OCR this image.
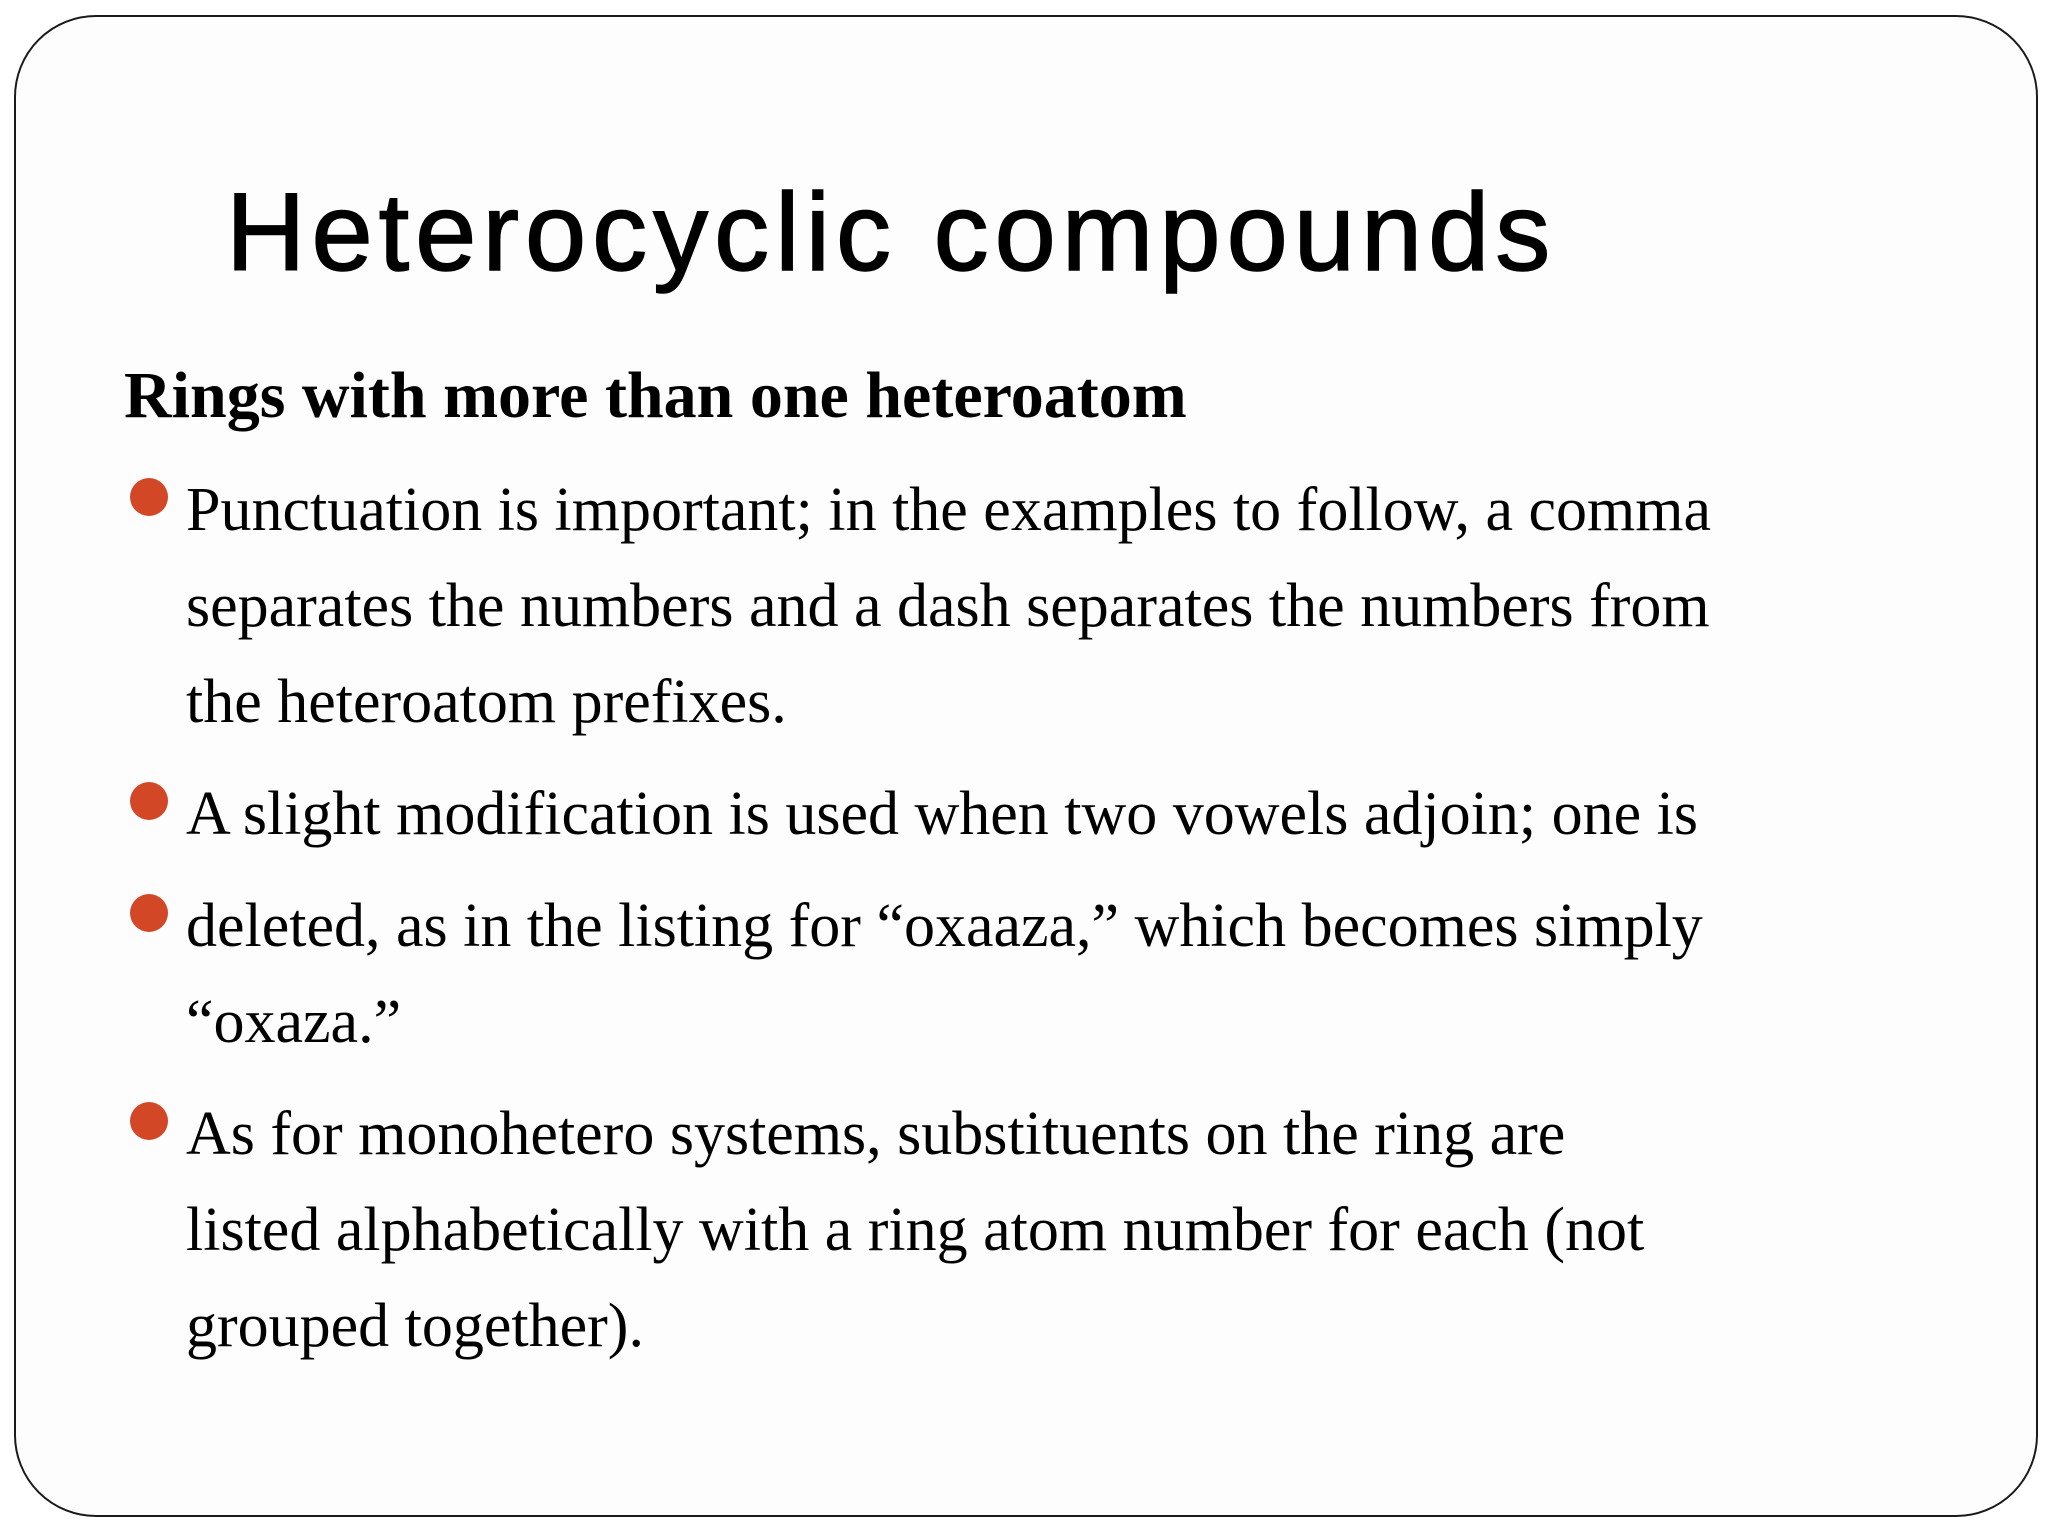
Heterocyclic compounds
Rings with more than one heteroatom
Punctuation is important; in the examples to follow, a comma
separates the numbers and a dash separates the numbers from
the heteroatom prefixes.
A slight modification is used when two vowels adjoin; one is
deleted, as in the listing for “oxaaza,” which becomes simply
“oxaza.”
As for monohetero systems, substituents on the ring are
listed alphabetically with a ring atom number for each (not
grouped together).
